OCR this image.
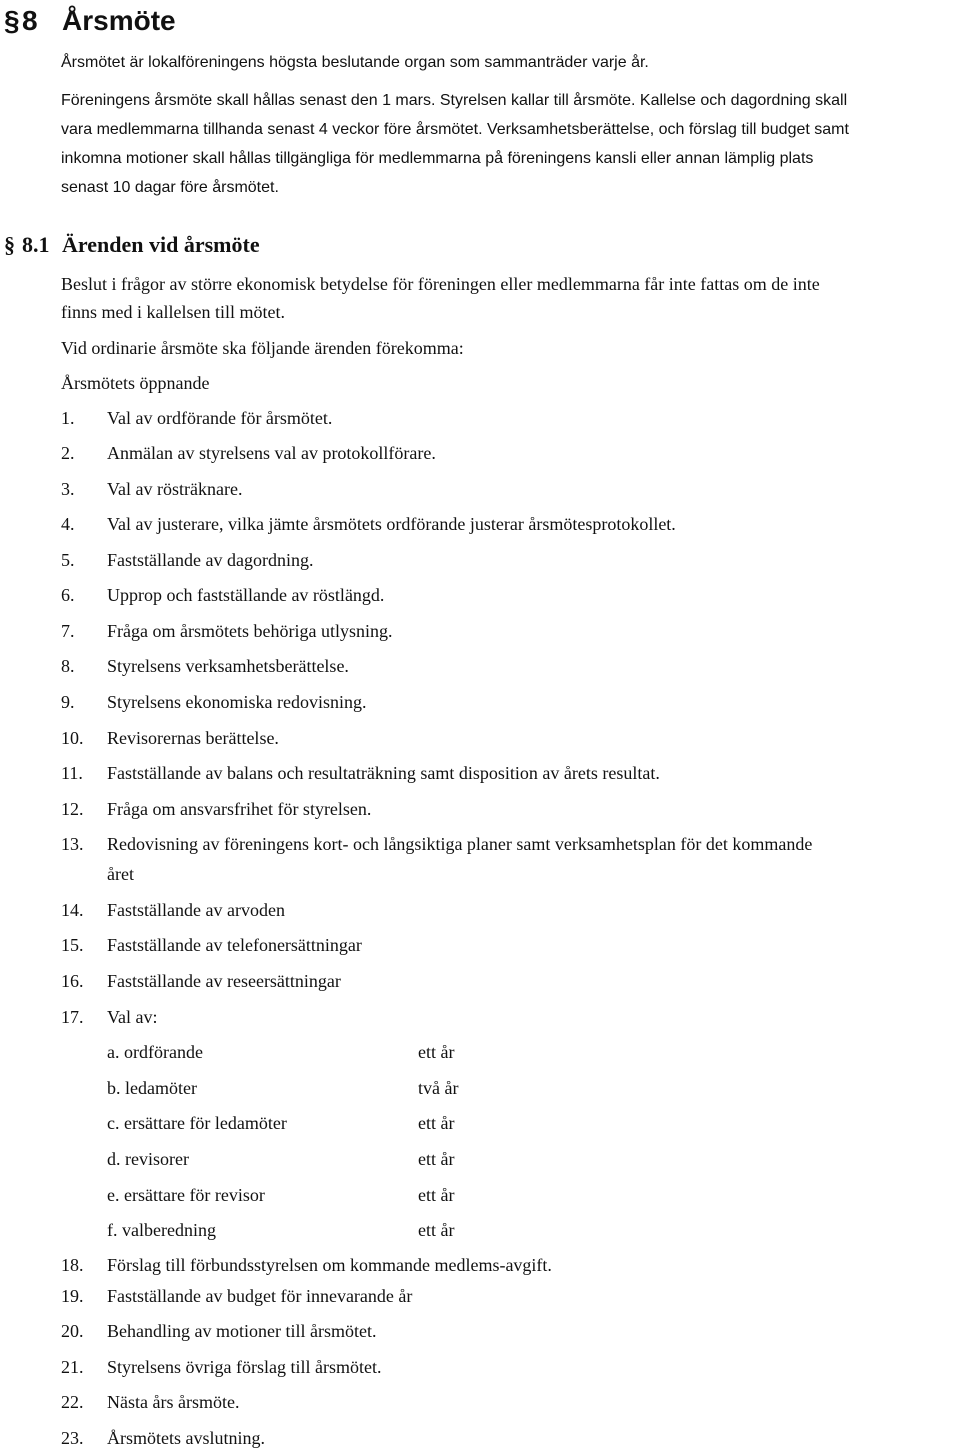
§ 8 Årsmöte
Årsmötet är lokalföreningens högsta beslutande organ som sammanträder varje år.
Föreningens årsmöte skall hållas senast den 1 mars. Styrelsen kallar till årsmöte. Kallelse och dagordning skall
vara medlemmarna tillhanda senast 4 veckor före årsmötet. Verksamhetsberättelse, och förslag till budget samt
inkomna motioner skall hållas tillgängliga för medlemmarna på föreningens kansli eller annan lämplig plats
senast 10 dagar före årsmötet.
§ 8.1 Ärenden vid årsmöte
Beslut i frågor av större ekonomisk betydelse för föreningen eller medlemmarna får inte fattas om de inte
finns med i kallelsen till mötet.
Vid ordinarie årsmöte ska följande ärenden förekomma:
Årsmötets öppnande
1. Val av ordförande för årsmötet.
2. Anmälan av styrelsens val av protokollförare.
3. Val av rösträknare.
4. Val av justerare, vilka jämte årsmötets ordförande justerar årsmötesprotokollet.
5. Fastställande av dagordning.
6. Upprop och fastställande av röstlängd.
7. Fråga om årsmötets behöriga utlysning.
8. Styrelsens verksamhetsberättelse.
9. Styrelsens ekonomiska redovisning.
10. Revisorernas berättelse.
11. Fastställande av balans och resultaträkning samt disposition av årets resultat.
12. Fråga om ansvarsfrihet för styrelsen.
13. Redovisning av föreningens kort- och långsiktiga planer samt verksamhetsplan för det kommande
året
14. Fastställande av arvoden
15. Fastställande av telefonersättningar
16. Fastställande av reseersättningar
17. Val av:
a. ordförande	ett år
b. ledamöter	två år
c. ersättare för ledamöter	ett år
d. revisorer	ett år
e. ersättare för revisor	ett år
f. valberedning	ett år
18. Förslag till förbundsstyrelsen om kommande medlems-avgift.
19. Fastställande av budget för innevarande år
20. Behandling av motioner till årsmötet.
21. Styrelsens övriga förslag till årsmötet.
22. Nästa års årsmöte.
23. Årsmötets avslutning.
